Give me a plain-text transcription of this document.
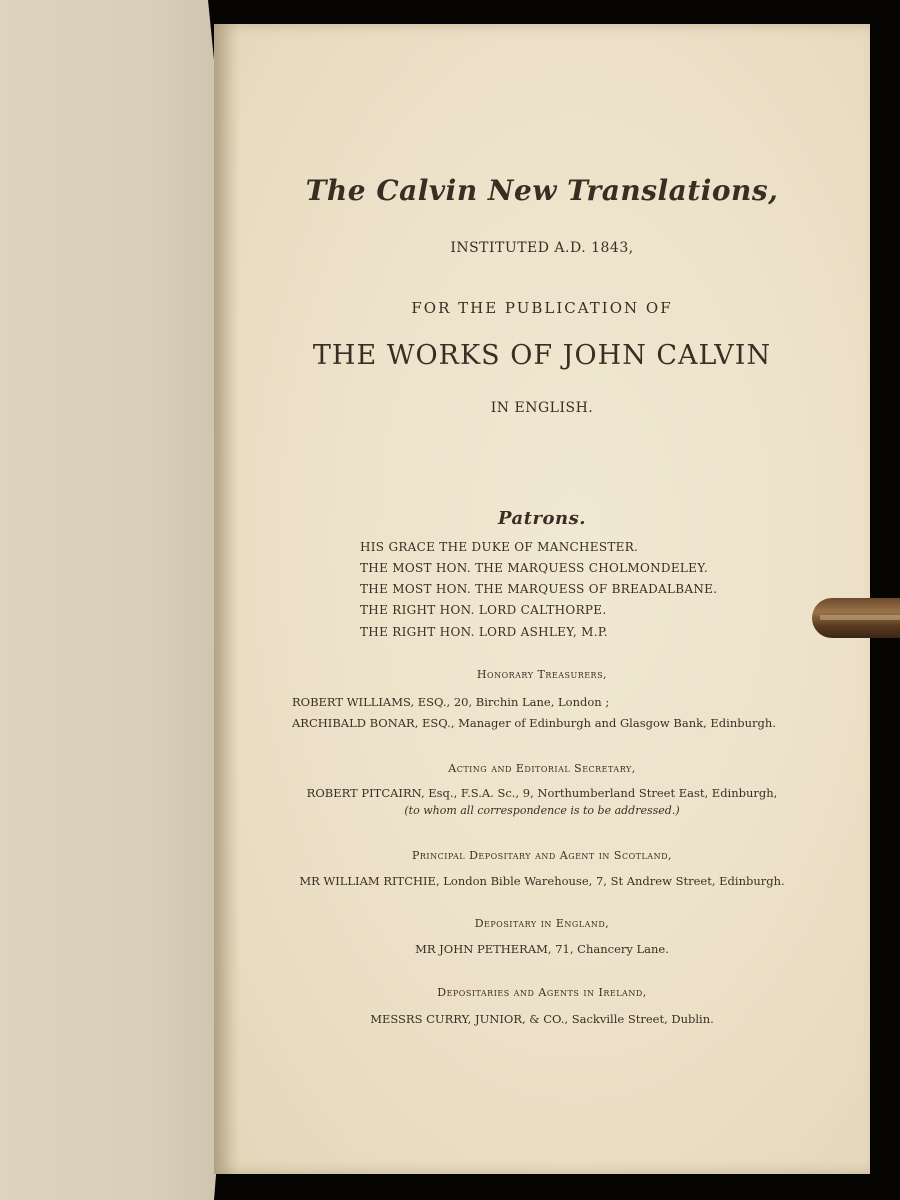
The Calvin New Translations,
INSTITUTED A.D. 1843,
FOR THE PUBLICATION OF
THE WORKS OF JOHN CALVIN
IN ENGLISH.
Patrons.
HIS GRACE THE DUKE OF MANCHESTER.
THE MOST HON. THE MARQUESS CHOLMONDELEY.
THE MOST HON. THE MARQUESS OF BREADALBANE.
THE RIGHT HON. LORD CALTHORPE.
THE RIGHT HON. LORD ASHLEY, M.P.
Honorary Treasurers,
ROBERT WILLIAMS, ESQ., 20, Birchin Lane, London ;
ARCHIBALD BONAR, ESQ., Manager of Edinburgh and Glasgow Bank, Edinburgh.
Acting and Editorial Secretary,
ROBERT PITCAIRN, Esq., F.S.A. Sc., 9, Northumberland Street East, Edinburgh,
(to whom all correspondence is to be addressed.)
Principal Depositary and Agent in Scotland,
MR WILLIAM RITCHIE, London Bible Warehouse, 7, St Andrew Street, Edinburgh.
Depositary in England,
MR JOHN PETHERAM, 71, Chancery Lane.
Depositaries and Agents in Ireland,
MESSRS CURRY, JUNIOR, & CO., Sackville Street, Dublin.
